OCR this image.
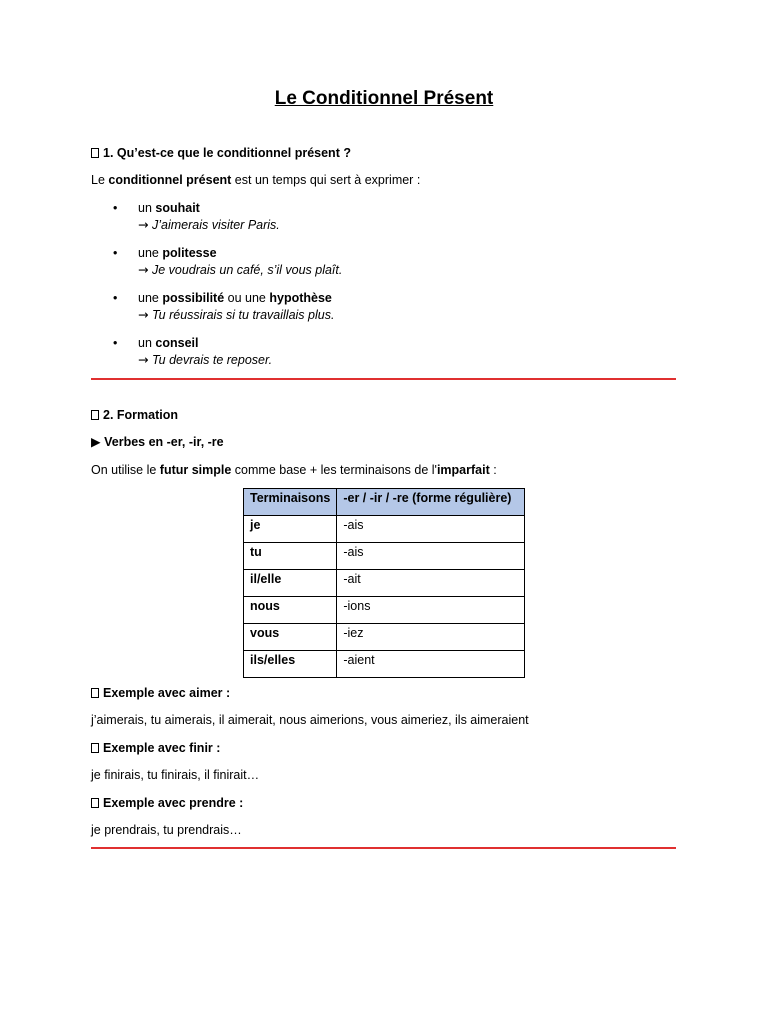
Le Conditionnel Présent
1. Qu’est-ce que le conditionnel présent ?
Le conditionnel présent est un temps qui sert à exprimer :
• un souhait
→ J’aimerais visiter Paris.
• une politesse
→ Je voudrais un café, s’il vous plaît.
• une possibilité ou une hypothèse
→ Tu réussirais si tu travaillais plus.
• un conseil
→ Tu devrais te reposer.
2. Formation
▶ Verbes en -er, -ir, -re
On utilise le futur simple comme base + les terminaisons de l'imparfait :
Terminaisons	-er / -ir / -re (forme régulière)
je	-ais
tu	-ais
il/elle	-ait
nous	-ions
vous	-iez
ils/elles	-aient
Exemple avec aimer :
j’aimerais, tu aimerais, il aimerait, nous aimerions, vous aimeriez, ils aimeraient
Exemple avec finir :
je finirais, tu finirais, il finirait…
Exemple avec prendre :
je prendrais, tu prendrais…
